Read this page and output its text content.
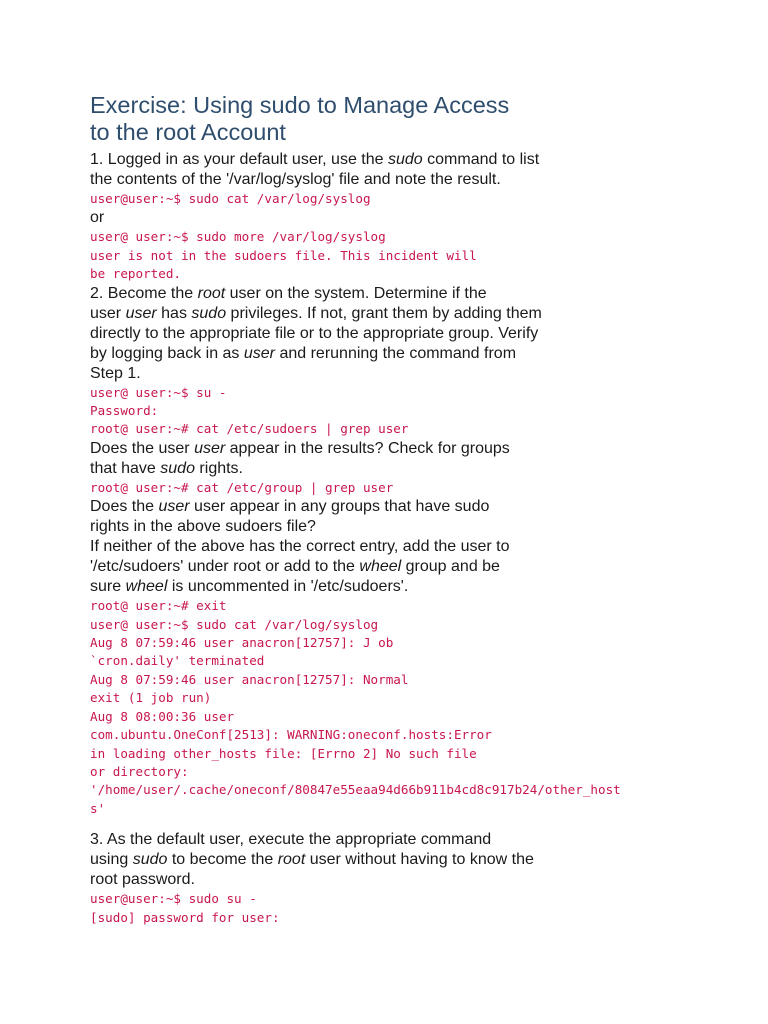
Exercise: Using sudo to Manage Access
to the root Account

1. Logged in as your default user, use the sudo command to list

the contents of the '/var/log/syslog' file and note the result.

user@user:~$ sudo cat /var/log/syslog

or

user@ user:~$ sudo more /var/log/syslog

user is not in the sudoers file. This incident will

be reported.

2. Become the root user on the system. Determine if the

user user has sudo privileges. If not, grant them by adding them

directly to the appropriate file or to the appropriate group. Verify

by logging back in as user and rerunning the command from

Step 1.

user@ user:~$ su -

Password:

root@ user:~# cat /etc/sudoers | grep user

Does the user user appear in the results? Check for groups

that have sudo rights.

root@ user:~# cat /etc/group | grep user

Does the user user appear in any groups that have sudo

rights in the above sudoers file?

If neither of the above has the correct entry, add the user to

'/etc/sudoers' under root or add to the wheel group and be

sure wheel is uncommented in '/etc/sudoers'.

root@ user:~# exit

user@ user:~$ sudo cat /var/log/syslog

Aug 8 07:59:46 user anacron[12757]: J ob

`cron.daily' terminated

Aug 8 07:59:46 user anacron[12757]: Normal

exit (1 job run)

Aug 8 08:00:36 user

com.ubuntu.OneConf[2513]: WARNING:oneconf.hosts:Error

in loading other_hosts file: [Errno 2] No such file

or directory:

'/home/user/.cache/oneconf/80847e55eaa94d66b911b4cd8c917b24/other_host

s'

3. As the default user, execute the appropriate command

using sudo to become the root user without having to know the

root password.

user@user:~$ sudo su -

[sudo] password for user:
